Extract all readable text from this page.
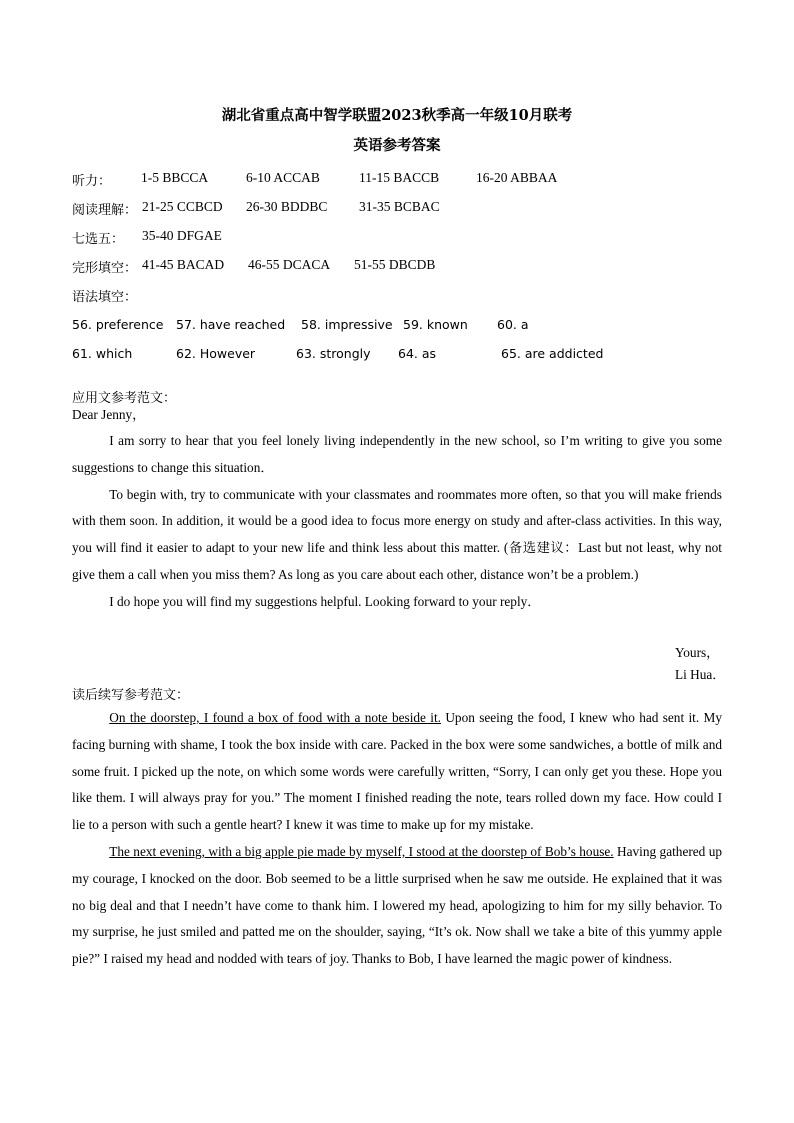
湖北省重点高中智学联盟2023秋季高一年级10月联考
英语参考答案
听力： 1-5 BBCCA	6-10 ACCAB	11-15 BACCB	16-20 ABBAA
阅读理解： 21-25 CCBCD 26-30 BDDBC 31-35 BCBAC
七选五： 35-40 DFGAE
完形填空： 41-45 BACAD 46-55 DCACA 51-55 DBCDB
语法填空：
56. preference 57. have reached 58. impressive 59. known 60. a
61. which	62. However	63. strongly 64. as	65. are addicted
应用文参考范文：

Dear Jenny，

I am sorry to hear that you feel lonely living independently in the new school, so I’m writing to give you some suggestions to change this situation．

To begin with, try to communicate with your classmates and roommates more often, so that you will make friends with them soon. In addition, it would be a good idea to focus more energy on study and after-class activities. In this way, you will find it easier to adapt to your new life and think less about this matter. (备选建议：Last but not least, why not give them a call when you miss them? As long as you care about each other, distance won’t be a problem.)

I do hope you will find my suggestions helpful. Looking forward to your reply．

Yours，
Li Hua．
读后续写参考范文：

On the doorstep, I found a box of food with a note beside it. Upon seeing the food, I knew who had sent it. My facing burning with shame, I took the box inside with care. Packed in the box were some sandwiches, a bottle of milk and some fruit. I picked up the note, on which some words were carefully written, “Sorry, I can only get you these. Hope you like them. I will always pray for you.” The moment I finished reading the note, tears rolled down my face. How could I lie to a person with such a gentle heart? I knew it was time to make up for my mistake.

The next evening, with a big apple pie made by myself, I stood at the doorstep of Bob’s house. Having gathered up my courage, I knocked on the door. Bob seemed to be a little surprised when he saw me outside. He explained that it was no big deal and that I needn’t have come to thank him. I lowered my head, apologizing to him for my silly behavior. To my surprise, he just smiled and patted me on the shoulder, saying, “It’s ok. Now shall we take a bite of this yummy apple pie?” I raised my head and nodded with tears of joy. Thanks to Bob, I have learned the magic power of kindness.
